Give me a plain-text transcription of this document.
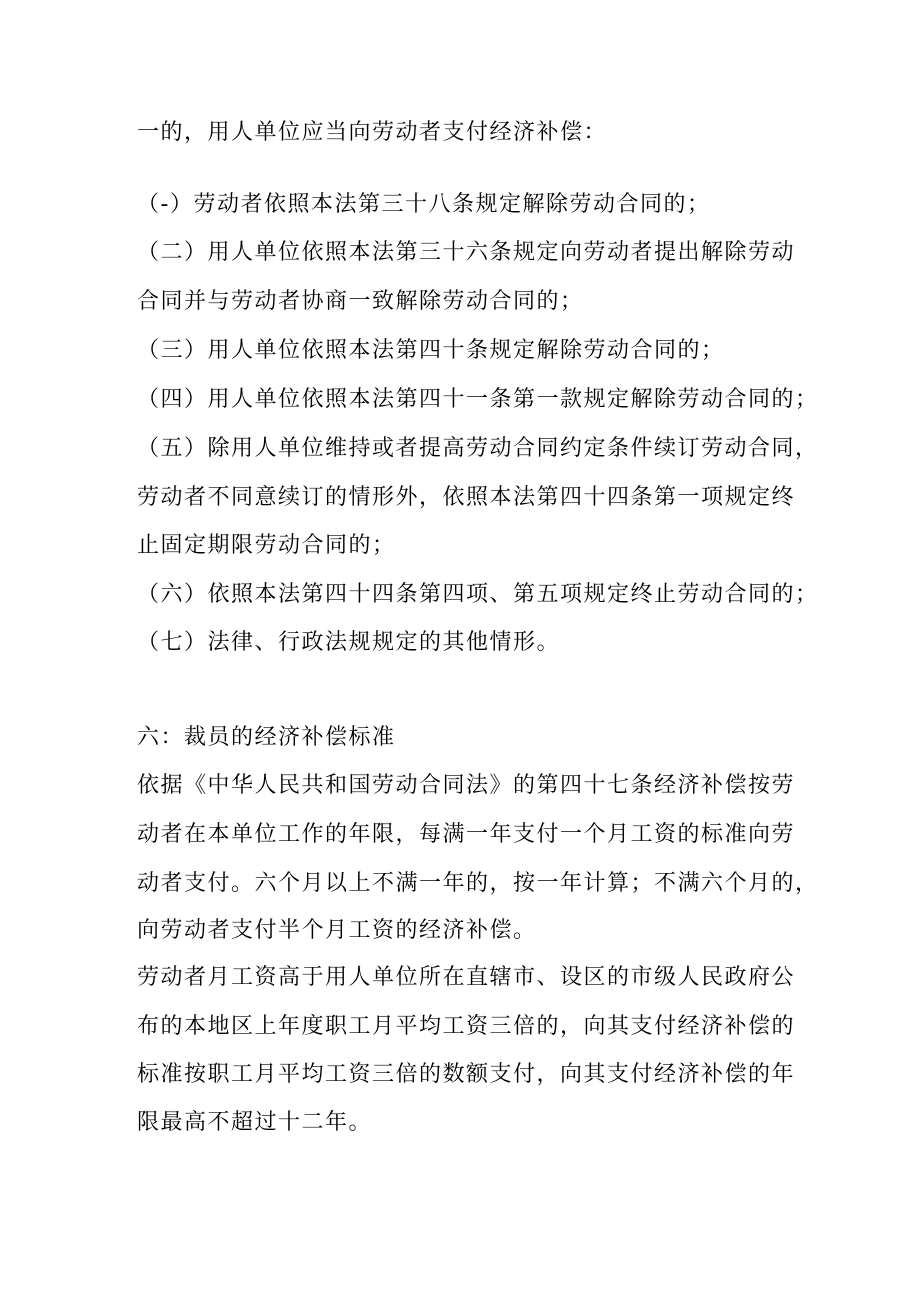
一的，用人单位应当向劳动者支付经济补偿：
（-）劳动者依照本法第三十八条规定解除劳动合同的；
（二）用人单位依照本法第三十六条规定向劳动者提出解除劳动
合同并与劳动者协商一致解除劳动合同的；
（三）用人单位依照本法第四十条规定解除劳动合同的；
（四）用人单位依照本法第四十一条第一款规定解除劳动合同的；
（五）除用人单位维持或者提高劳动合同约定条件续订劳动合同，
劳动者不同意续订的情形外，依照本法第四十四条第一项规定终
止固定期限劳动合同的；
（六）依照本法第四十四条第四项、第五项规定终止劳动合同的；
（七）法律、行政法规规定的其他情形。
六：裁员的经济补偿标准
依据《中华人民共和国劳动合同法》的第四十七条经济补偿按劳
动者在本单位工作的年限，每满一年支付一个月工资的标准向劳
动者支付。六个月以上不满一年的，按一年计算；不满六个月的，
向劳动者支付半个月工资的经济补偿。
劳动者月工资高于用人单位所在直辖市、设区的市级人民政府公
布的本地区上年度职工月平均工资三倍的，向其支付经济补偿的
标准按职工月平均工资三倍的数额支付，向其支付经济补偿的年
限最高不超过十二年。
